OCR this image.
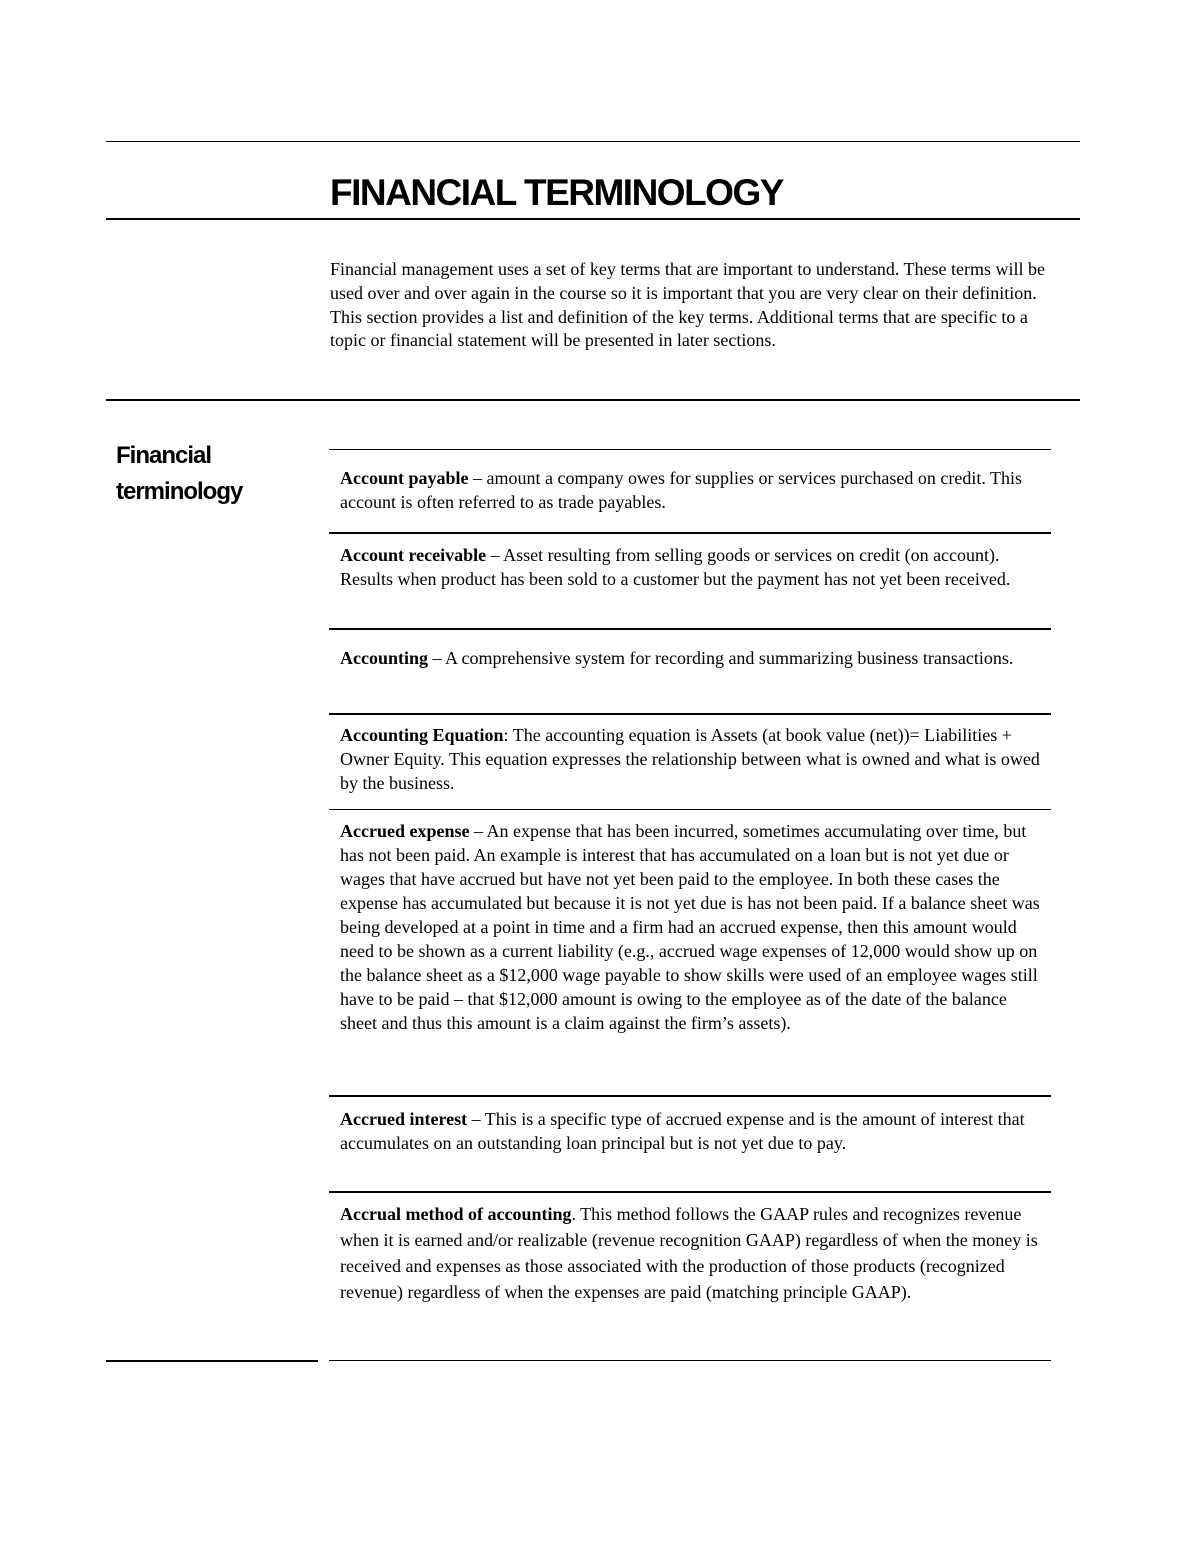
FINANCIAL TERMINOLOGY

Financial management uses a set of key terms that are important to understand. These terms will be used over and over again in the course so it is important that you are very clear on their definition. This section provides a list and definition of the key terms. Additional terms that are specific to a topic or financial statement will be presented in later sections.

Financial
terminology	Account payable – amount a company owes for supplies or services purchased on credit. This account is often referred to as trade payables.

Account receivable – Asset resulting from selling goods or services on credit (on account). Results when product has been sold to a customer but the payment has not yet been received.

Accounting – A comprehensive system for recording and summarizing business transactions.

Accounting Equation: The accounting equation is Assets (at book value (net))= Liabilities + Owner Equity. This equation expresses the relationship between what is owned and what is owed by the business.

Accrued expense – An expense that has been incurred, sometimes accumulating over time, but has not been paid. An example is interest that has accumulated on a loan but is not yet due or wages that have accrued but have not yet been paid to the employee. In both these cases the expense has accumulated but because it is not yet due is has not been paid. If a balance sheet was being developed at a point in time and a firm had an accrued expense, then this amount would need to be shown as a current liability (e.g., accrued wage expenses of 12,000 would show up on the balance sheet as a $12,000 wage payable to show skills were used of an employee wages still have to be paid – that $12,000 amount is owing to the employee as of the date of the balance sheet and thus this amount is a claim against the firm’s assets).

Accrued interest – This is a specific type of accrued expense and is the amount of interest that accumulates on an outstanding loan principal but is not yet due to pay.

Accrual method of accounting. This method follows the GAAP rules and recognizes revenue when it is earned and/or realizable (revenue recognition GAAP) regardless of when the money is received and expenses as those associated with the production of those products (recognized revenue) regardless of when the expenses are paid (matching principle GAAP).
